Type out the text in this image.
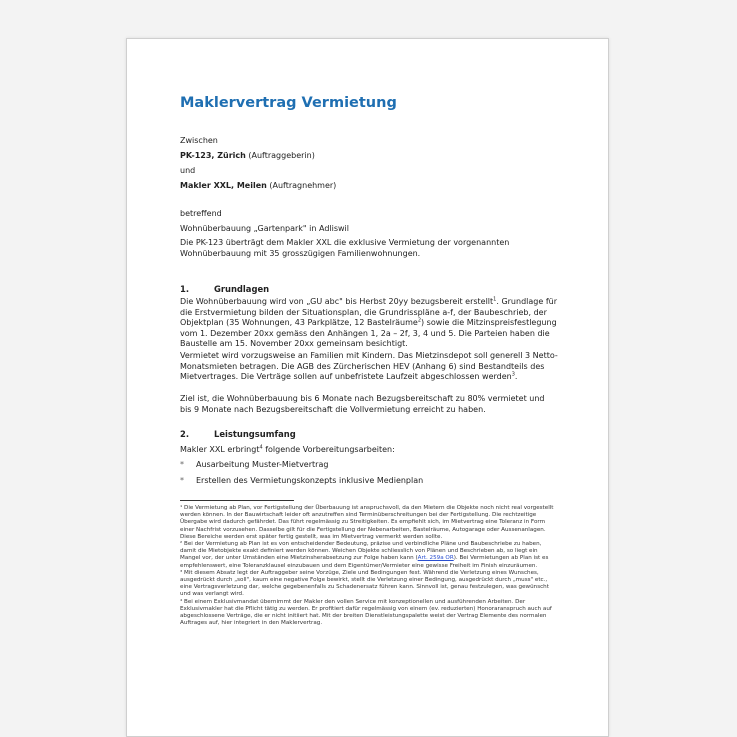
Maklervertrag Vermietung
Zwischen
PK-123, Zürich (Auftraggeberin)
und
Makler XXL, Meilen (Auftragnehmer)
betreffend
Wohnüberbauung „Gartenpark" in Adliswil
Die PK-123 überträgt dem Makler XXL die exklusive Vermietung der vorgenannten Wohnüberbauung mit 35 grosszügigen Familienwohnungen.
1.	Grundlagen
Die Wohnüberbauung wird von „GU abc" bis Herbst 20yy bezugsbereit erstellt$^1$. Grundlage für die Erstvermietung bilden der Situationsplan, die Grundrisspläne a-f, der Baubeschrieb, der Objektplan (35 Wohnungen, 43 Parkplätze, 12 Bastelräume$^2$) sowie die Mitzinspreisfestlegung vom 1. Dezember 20xx gemäss den Anhängen 1, 2a – 2f, 3, 4 und 5. Die Parteien haben die Baustelle am 15. November 20xx gemeinsam besichtigt.
Vermietet wird vorzugsweise an Familien mit Kindern. Das Mietzinsdepot soll generell 3 Netto-Monatsmieten betragen. Die AGB des Zürcherischen HEV (Anhang 6) sind Bestandteils des Mietvertrages. Die Verträge sollen auf unbefristete Laufzeit abgeschlossen werden$^3$.
Ziel ist, die Wohnüberbauung bis 6 Monate nach Bezugsbereitschaft zu 80% vermietet und bis 9 Monate nach Bezugsbereitschaft die Vollvermietung erreicht zu haben.
2.	Leistungsumfang
Makler XXL erbringt$^4$ folgende Vorbereitungsarbeiten:
* Ausarbeitung Muster-Mietvertrag
* Erstellen des Vermietungskonzepts inklusive Medienplan
¹ Die Vermietung ab Plan, vor Fertigstellung der Überbauung ist anspruchsvoll, da den Mietern die Objekte noch nicht real vorgestellt werden können. In der Bauwirtschaft leider oft anzutreffen sind Terminüberschreitungen bei der Fertigstellung. Die rechtzeitige Übergabe wird dadurch gefährdet. Das führt regelmässig zu Streitigkeiten. Es empfiehlt sich, im Mietvertrag eine Toleranz in Form einer Nachfrist vorzusehen. Dasselbe gilt für die Fertigstellung der Nebenarbeiten, Bastelräume, Autogarage oder Aussenanlagen. Diese Bereiche werden erst später fertig gestellt, was im Mietvertrag vermerkt werden sollte.
² Bei der Vermietung ab Plan ist es von entscheidender Bedeutung, präzise und verbindliche Pläne und Baubeschriebe zu haben, damit die Mietobjekte exakt definiert werden können. Weichen Objekte schliesslich von Plänen und Beschrieben ab, so liegt ein Mangel vor, der unter Umständen eine Mietzinsherabsetzung zur Folge haben kann (Art. 259a OR). Bei Vermietungen ab Plan ist es empfehlenswert, eine Toleranzklausel einzubauen und dem Eigentümer/Vermieter eine gewisse Freiheit im Finish einzuräumen.
³ Mit diesem Absatz legt der Auftraggeber seine Vorzüge, Ziele und Bedingungen fest. Während die Verletzung eines Wunsches, ausgedrückt durch „soll", kaum eine negative Folge bewirkt, stellt die Verletzung einer Bedingung, ausgedrückt durch „muss" etc., eine Vertragsverletzung dar, welche gegebenenfalls zu Schadenersatz führen kann. Sinnvoll ist, genau festzulegen, was gewünscht und was verlangt wird.
⁴ Bei einem Exklusivmandat übernimmt der Makler den vollen Service mit konzeptionellen und ausführenden Arbeiten. Der Exklusivmakler hat die Pflicht tätig zu werden. Er profitiert dafür regelmässig von einem (ev. reduzierten) Honoraranspruch auch auf abgeschlossene Verträge, die er nicht initiiert hat. Mit der breiten Dienstleistungspalette weist der Vertrag Elemente des normalen Auftrages auf, hier integriert in den Maklervertrag.
